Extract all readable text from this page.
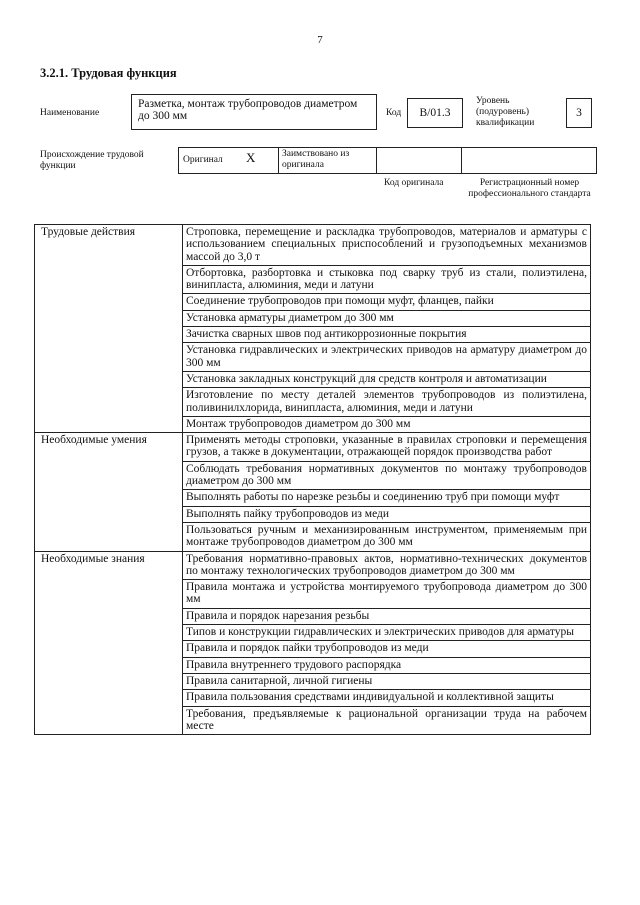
7
3.2.1. Трудовая функция
Наименование
Разметка, монтаж трубопроводов диаметром до 300 мм	Код	B/01.3
Уровень (подуровень) квалификации
3
Происхождение трудовой функции
Оригинал X	Заимствовано из оригинала
Код оригинала	Регистрационный номер профессионального стандарта
Трудовые действия	Строповка, перемещение и раскладка трубопроводов, материалов и арматуры с использованием специальных приспособлений и грузоподъемных механизмов массой до 3,0 т
	Отбортовка, разбортовка и стыковка под сварку труб из стали, полиэтилена, винипласта, алюминия, меди и латуни
	Соединение трубопроводов при помощи муфт, фланцев, пайки
	Установка арматуры диаметром до 300 мм
	Зачистка сварных швов под антикоррозионные покрытия
	Установка гидравлических и электрических приводов на арматуру диаметром до 300 мм
	Установка закладных конструкций для средств контроля и автоматизации
	Изготовление по месту деталей элементов трубопроводов из полиэтилена, поливинилхлорида, винипласта, алюминия, меди и латуни
	Монтаж трубопроводов диаметром до 300 мм
Необходимые умения	Применять методы строповки, указанные в правилах строповки и перемещения грузов, а также в документации, отражающей порядок производства работ
	Соблюдать требования нормативных документов по монтажу трубопроводов диаметром до 300 мм
	Выполнять работы по нарезке резьбы и соединению труб при помощи муфт
	Выполнять пайку трубопроводов из меди
	Пользоваться ручным и механизированным инструментом, применяемым при монтаже трубопроводов диаметром до 300 мм
Необходимые знания	Требования нормативно-правовых актов, нормативно-технических документов по монтажу технологических трубопроводов диаметром до 300 мм
	Правила монтажа и устройства монтируемого трубопровода диаметром до 300 мм
	Правила и порядок нарезания резьбы
	Типов и конструкции гидравлических и электрических приводов для арматуры
	Правила и порядок пайки трубопроводов из меди
	Правила внутреннего трудового распорядка
	Правила санитарной, личной гигиены
	Правила пользования средствами индивидуальной и коллективной защиты
	Требования, предъявляемые к рациональной организации труда на рабочем месте
